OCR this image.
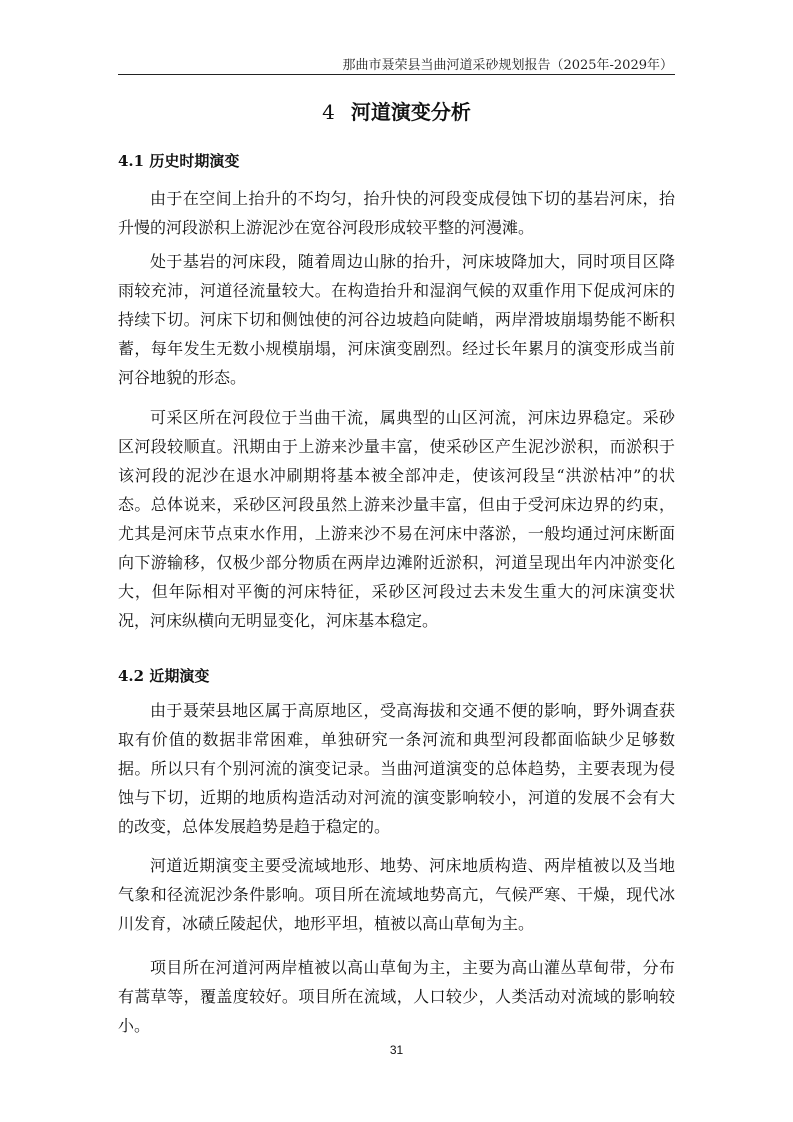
那曲市聂荣县当曲河道采砂规划报告（2025年-2029年）
4 河道演变分析
4.1 历史时期演变
由于在空间上抬升的不均匀，抬升快的河段变成侵蚀下切的基岩河床，抬升慢的河段淤积上游泥沙在宽谷河段形成较平整的河漫滩。
处于基岩的河床段，随着周边山脉的抬升，河床坡降加大，同时项目区降雨较充沛，河道径流量较大。在构造抬升和湿润气候的双重作用下促成河床的持续下切。河床下切和侧蚀使的河谷边坡趋向陡峭，两岸滑坡崩塌势能不断积蓄，每年发生无数小规模崩塌，河床演变剧烈。经过长年累月的演变形成当前河谷地貌的形态。
可采区所在河段位于当曲干流，属典型的山区河流，河床边界稳定。采砂区河段较顺直。汛期由于上游来沙量丰富，使采砂区产生泥沙淤积，而淤积于该河段的泥沙在退水冲刷期将基本被全部冲走，使该河段呈“洪淤枯冲”的状态。总体说来，采砂区河段虽然上游来沙量丰富，但由于受河床边界的约束，尤其是河床节点束水作用，上游来沙不易在河床中落淤，一般均通过河床断面向下游输移，仅极少部分物质在两岸边滩附近淤积，河道呈现出年内冲淤变化大，但年际相对平衡的河床特征，采砂区河段过去未发生重大的河床演变状况，河床纵横向无明显变化，河床基本稳定。
4.2 近期演变
由于聂荣县地区属于高原地区，受高海拔和交通不便的影响，野外调查获取有价值的数据非常困难，单独研究一条河流和典型河段都面临缺少足够数据。所以只有个别河流的演变记录。当曲河道演变的总体趋势，主要表现为侵蚀与下切，近期的地质构造活动对河流的演变影响较小，河道的发展不会有大的改变，总体发展趋势是趋于稳定的。
河道近期演变主要受流域地形、地势、河床地质构造、两岸植被以及当地气象和径流泥沙条件影响。项目所在流域地势高亢，气候严寒、干燥，现代冰川发育，冰碛丘陵起伏，地形平坦，植被以高山草甸为主。
项目所在河道河两岸植被以高山草甸为主，主要为高山灌丛草甸带，分布有蒿草等，覆盖度较好。项目所在流域，人口较少，人类活动对流域的影响较小。
31
